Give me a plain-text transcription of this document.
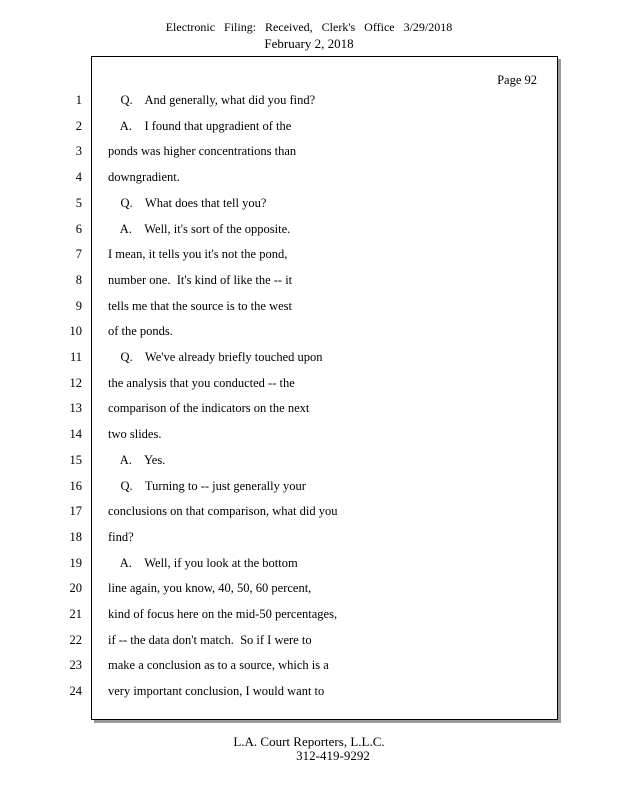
Electronic Filing: Received, Clerk's Office 3/29/2018
February 2, 2018
Page 92
1 Q.    And generally, what did you find?
2 A.    I found that upgradient of the
3 ponds was higher concentrations than
4 downgradient.
5 Q.    What does that tell you?
6 A.    Well, it's sort of the opposite.
7 I mean, it tells you it's not the pond,
8 number one.  It's kind of like the -- it
9 tells me that the source is to the west
10 of the ponds.
11 Q.    We've already briefly touched upon
12 the analysis that you conducted -- the
13 comparison of the indicators on the next
14 two slides.
15 A.    Yes.
16 Q.    Turning to -- just generally your
17 conclusions on that comparison, what did you
18 find?
19 A.    Well, if you look at the bottom
20 line again, you know, 40, 50, 60 percent,
21 kind of focus here on the mid-50 percentages,
22 if -- the data don't match.  So if I were to
23 make a conclusion as to a source, which is a
24 very important conclusion, I would want to
L.A. Court Reporters, L.L.C.
312-419-9292
